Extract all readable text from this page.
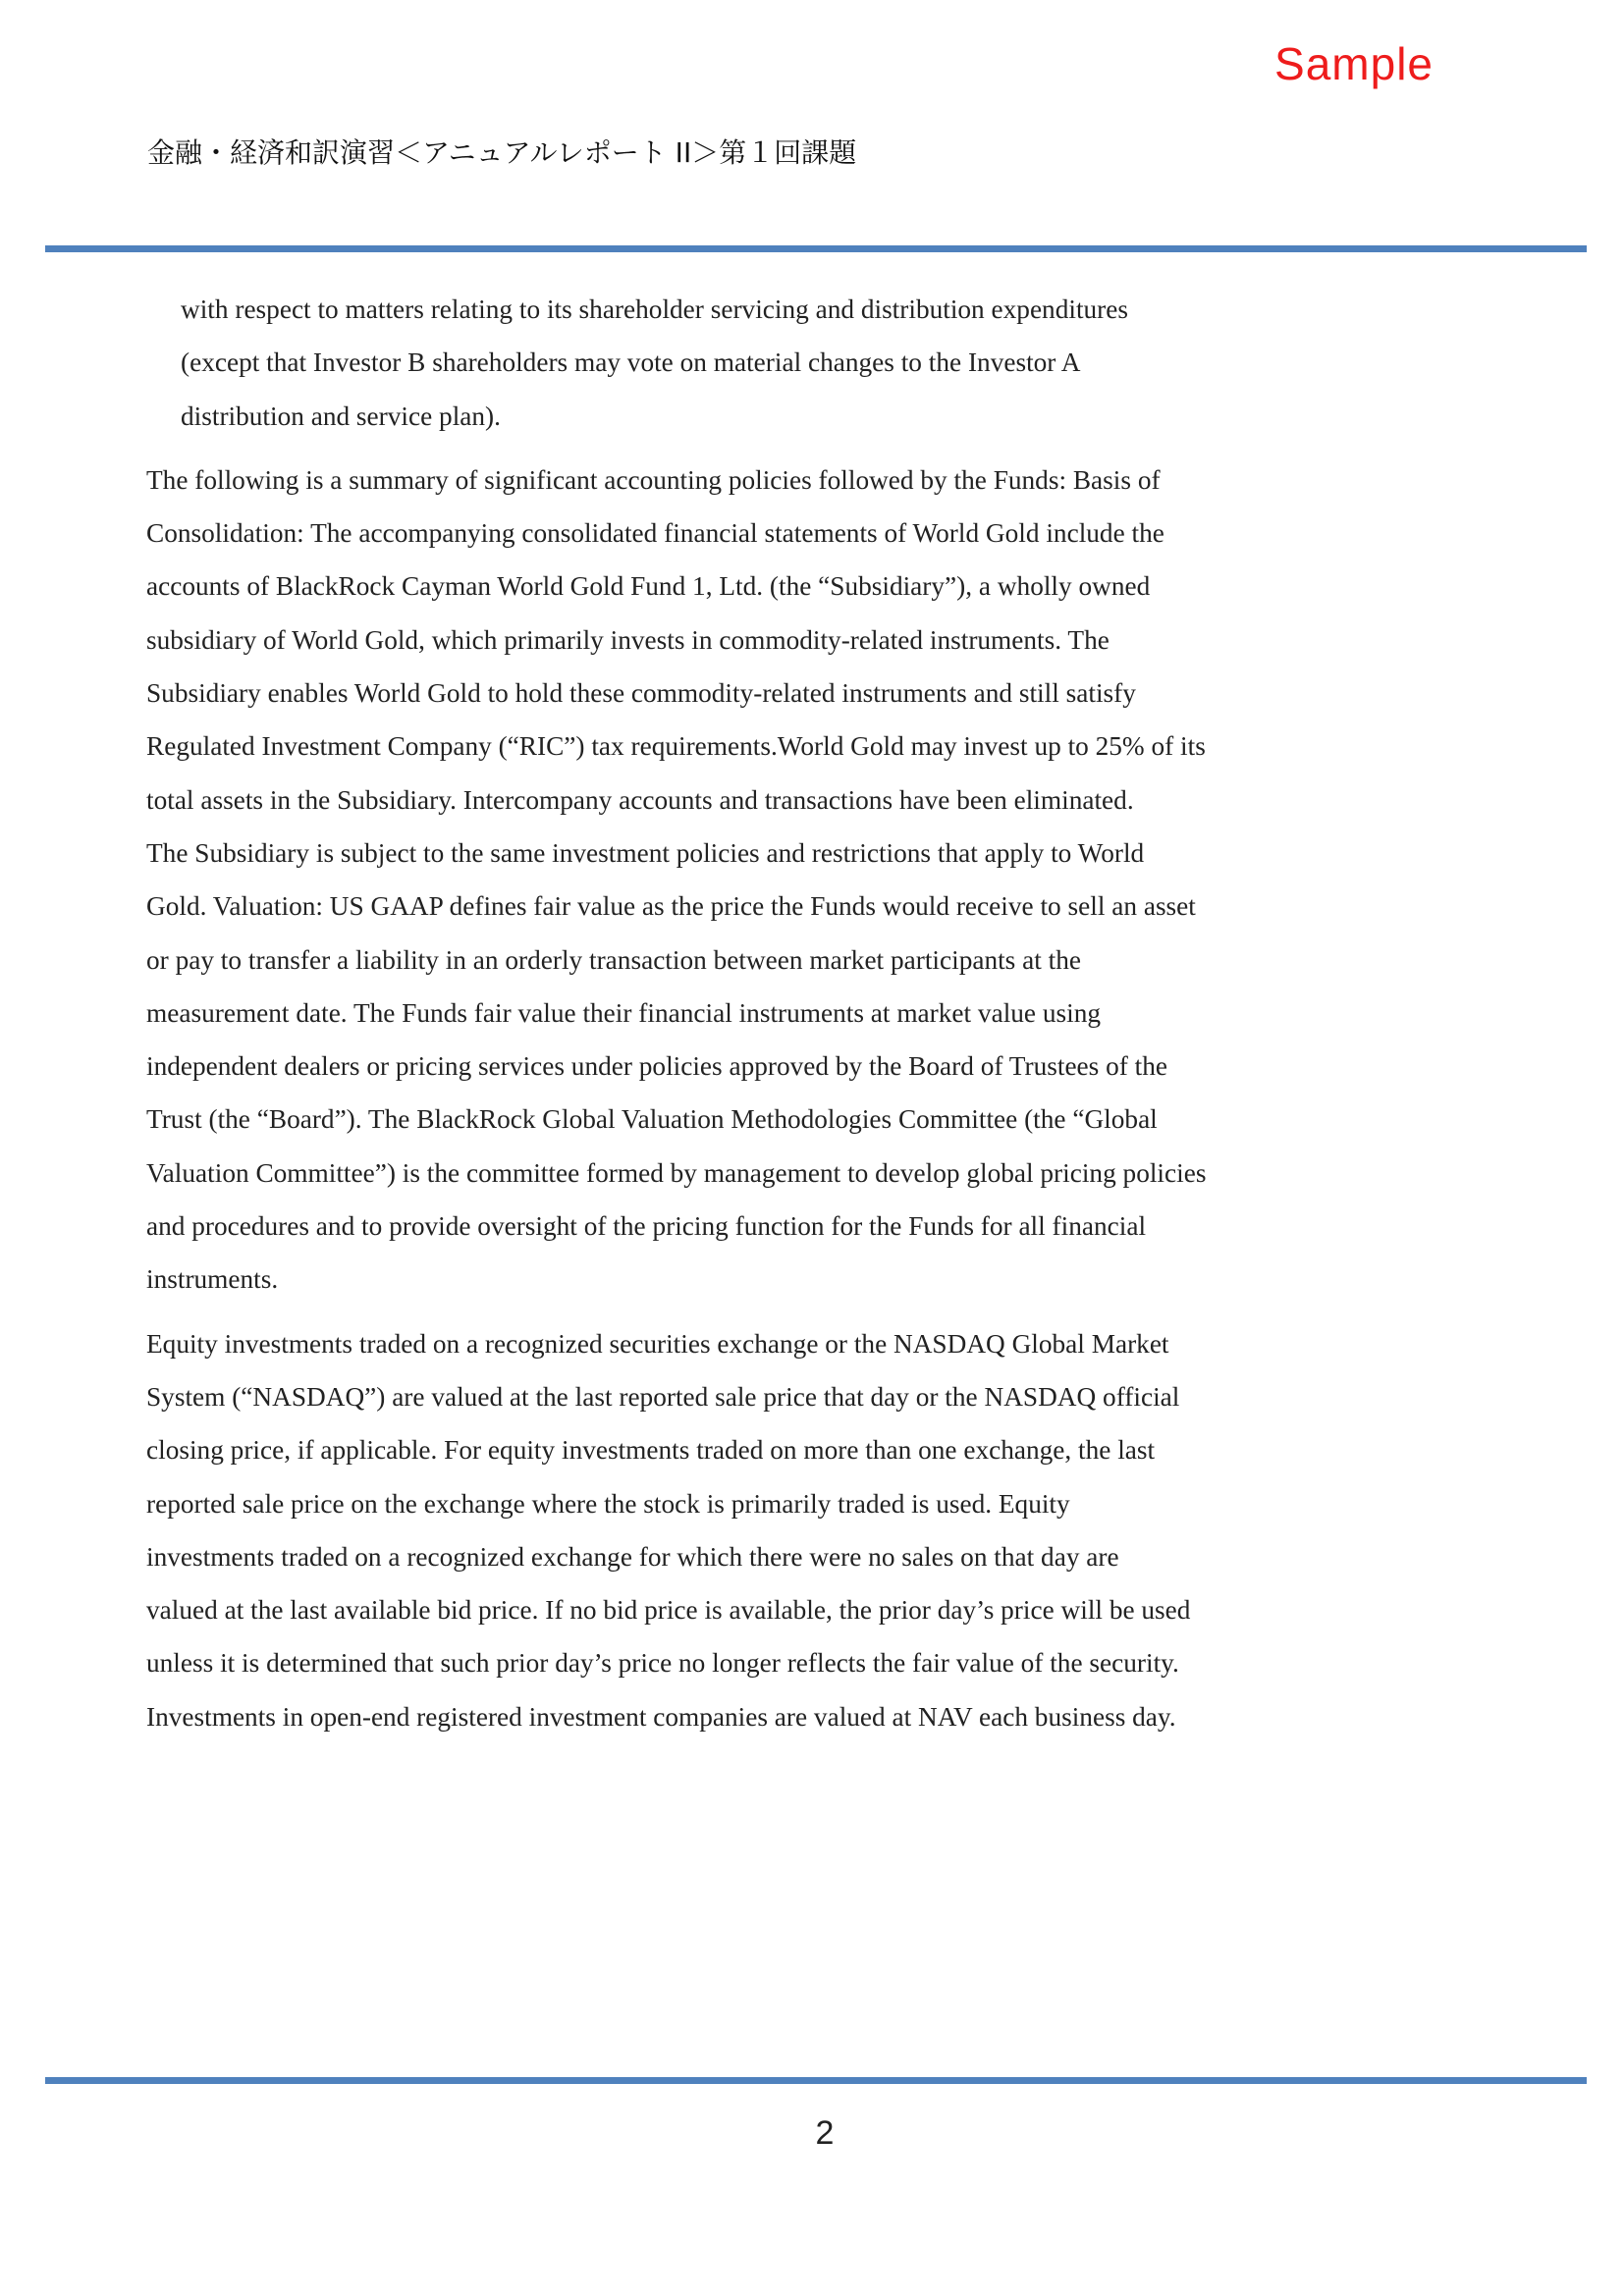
Sample
金融・経済和訳演習＜アニュアルレポート II＞第１回課題

with respect to matters relating to its shareholder servicing and distribution expenditures
(except that Investor B shareholders may vote on material changes to the Investor A
distribution and service plan).

The following is a summary of significant accounting policies followed by the Funds: Basis of
Consolidation: The accompanying consolidated financial statements of World Gold include the
accounts of BlackRock Cayman World Gold Fund 1, Ltd. (the “Subsidiary”), a wholly owned
subsidiary of World Gold, which primarily invests in commodity-related instruments. The
Subsidiary enables World Gold to hold these commodity-related instruments and still satisfy
Regulated Investment Company (“RIC”) tax requirements.World Gold may invest up to 25% of its
total assets in the Subsidiary. Intercompany accounts and transactions have been eliminated.
The Subsidiary is subject to the same investment policies and restrictions that apply to World
Gold. Valuation: US GAAP defines fair value as the price the Funds would receive to sell an asset
or pay to transfer a liability in an orderly transaction between market participants at the
measurement date. The Funds fair value their financial instruments at market value using
independent dealers or pricing services under policies approved by the Board of Trustees of the
Trust (the “Board”). The BlackRock Global Valuation Methodologies Committee (the “Global
Valuation Committee”) is the committee formed by management to develop global pricing policies
and procedures and to provide oversight of the pricing function for the Funds for all financial
instruments.

Equity investments traded on a recognized securities exchange or the NASDAQ Global Market
System (“NASDAQ”) are valued at the last reported sale price that day or the NASDAQ official
closing price, if applicable. For equity investments traded on more than one exchange, the last
reported sale price on the exchange where the stock is primarily traded is used. Equity
investments traded on a recognized exchange for which there were no sales on that day are
valued at the last available bid price. If no bid price is available, the prior day’s price will be used
unless it is determined that such prior day’s price no longer reflects the fair value of the security.
Investments in open-end registered investment companies are valued at NAV each business day.

2
